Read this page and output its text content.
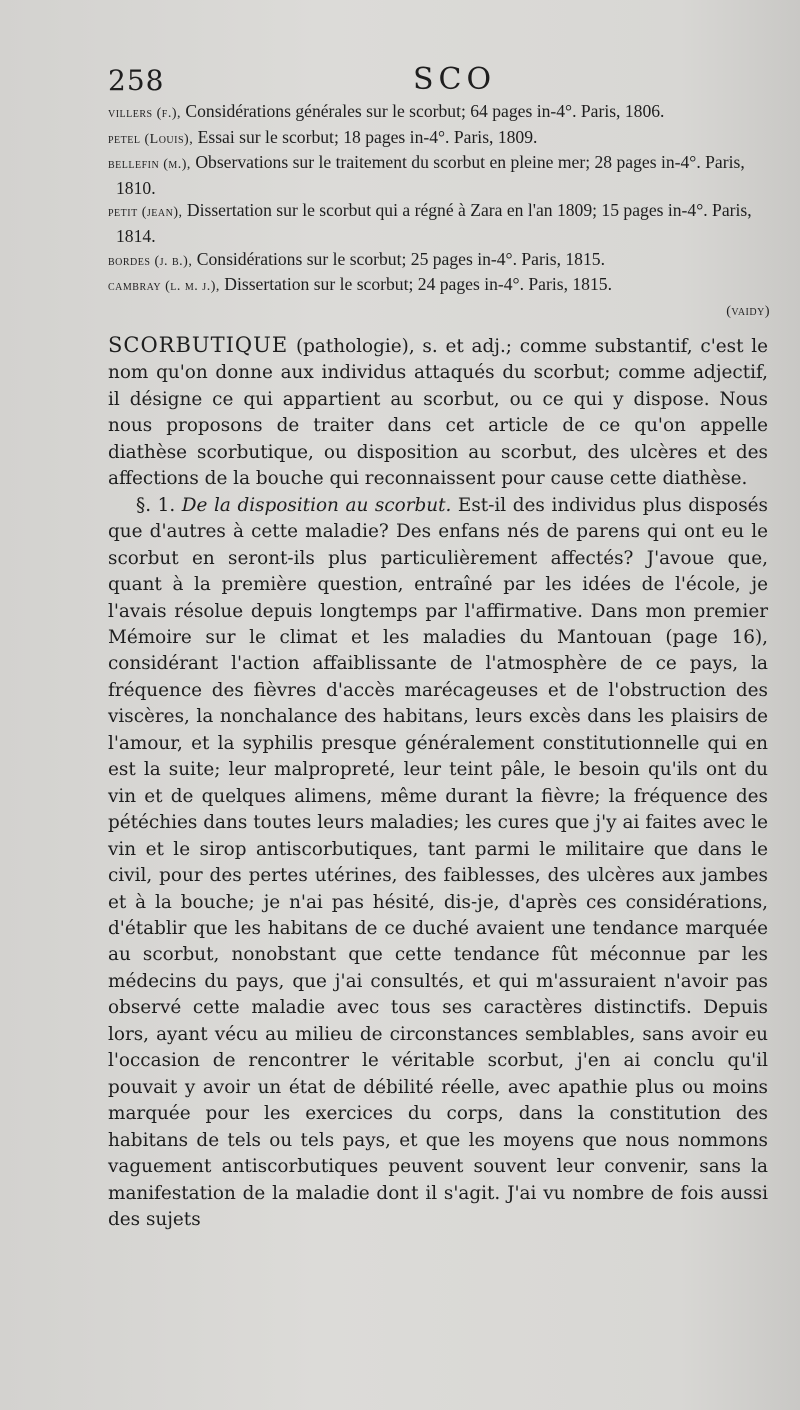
258	SCO

villers (f.), Considérations générales sur le scorbut; 64 pages in-4°. Paris, 1806.

petel (Louis), Essai sur le scorbut; 18 pages in-4°. Paris, 1809.

bellefin (m.), Observations sur le traitement du scorbut en pleine mer; 28 pages in-4°. Paris, 1810.

petit (jean), Dissertation sur le scorbut qui a régné à Zara en l'an 1809; 15 pages in-4°. Paris, 1814.

bordes (j. b.), Considérations sur le scorbut; 25 pages in-4°. Paris, 1815.

cambray (l. m. j.), Dissertation sur le scorbut; 24 pages in-4°. Paris, 1815.

(vaidy)

SCORBUTIQUE (pathologie), s. et adj.; comme substantif, c'est le nom qu'on donne aux individus attaqués du scorbut; comme adjectif, il désigne ce qui appartient au scorbut, ou ce qui y dispose. Nous nous proposons de traiter dans cet article de ce qu'on appelle diathèse scorbutique, ou disposition au scorbut, des ulcères et des affections de la bouche qui reconnaissent pour cause cette diathèse.

§. 1. De la disposition au scorbut. Est-il des individus plus disposés que d'autres à cette maladie? Des enfans nés de parens qui ont eu le scorbut en seront-ils plus particulièrement affectés? J'avoue que, quant à la première question, entraîné par les idées de l'école, je l'avais résolue depuis longtemps par l'affirmative. Dans mon premier Mémoire sur le climat et les maladies du Mantouan (page 16), considérant l'action affaiblissante de l'atmosphère de ce pays, la fréquence des fièvres d'accès marécageuses et de l'obstruction des viscères, la nonchalance des habitans, leurs excès dans les plaisirs de l'amour, et la syphilis presque généralement constitutionnelle qui en est la suite; leur malpropreté, leur teint pâle, le besoin qu'ils ont du vin et de quelques alimens, même durant la fièvre; la fréquence des pétéchies dans toutes leurs maladies; les cures que j'y ai faites avec le vin et le sirop antiscorbutiques, tant parmi le militaire que dans le civil, pour des pertes utérines, des faiblesses, des ulcères aux jambes et à la bouche; je n'ai pas hésité, dis-je, d'après ces considérations, d'établir que les habitans de ce duché avaient une tendance marquée au scorbut, nonobstant que cette tendance fût méconnue par les médecins du pays, que j'ai consultés, et qui m'assuraient n'avoir pas observé cette maladie avec tous ses caractères distinctifs. Depuis lors, ayant vécu au milieu de circonstances semblables, sans avoir eu l'occasion de rencontrer le véritable scorbut, j'en ai conclu qu'il pouvait y avoir un état de débilité réelle, avec apathie plus ou moins marquée pour les exercices du corps, dans la constitution des habitans de tels ou tels pays, et que les moyens que nous nommons vaguement antiscorbutiques peuvent souvent leur convenir, sans la manifestation de la maladie dont il s'agit. J'ai vu nombre de fois aussi des sujets
